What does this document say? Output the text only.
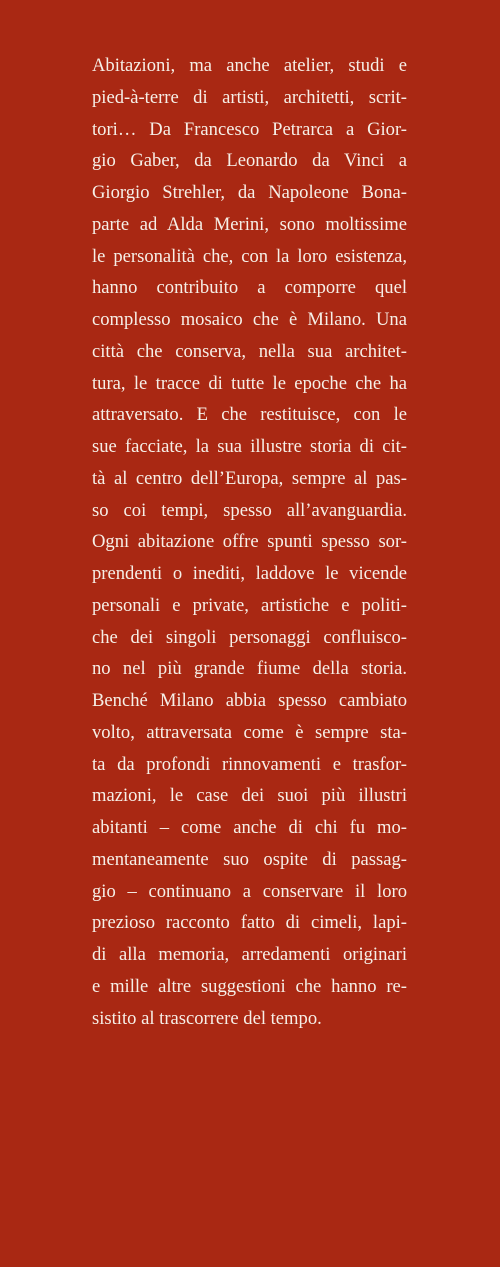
Abitazioni, ma anche atelier, studi e
pied-à-terre di artisti, architetti, scrit-
tori… Da Francesco Petrarca a Gior-
gio Gaber, da Leonardo da Vinci a
Giorgio Strehler, da Napoleone Bona-
parte ad Alda Merini, sono moltissime
le personalità che, con la loro esistenza,
hanno contribuito a comporre quel
complesso mosaico che è Milano. Una
città che conserva, nella sua architet-
tura, le tracce di tutte le epoche che ha
attraversato. E che restituisce, con le
sue facciate, la sua illustre storia di cit-
tà al centro dell’Europa, sempre al pas-
so coi tempi, spesso all’avanguardia.
Ogni abitazione offre spunti spesso sor-
prendenti o inediti, laddove le vicende
personali e private, artistiche e politi-
che dei singoli personaggi confluisco-
no nel più grande fiume della storia.
Benché Milano abbia spesso cambiato
volto, attraversata come è sempre sta-
ta da profondi rinnovamenti e trasfor-
mazioni, le case dei suoi più illustri
abitanti – come anche di chi fu mo-
mentaneamente suo ospite di passag-
gio – continuano a conservare il loro
prezioso racconto fatto di cimeli, lapi-
di alla memoria, arredamenti originari
e mille altre suggestioni che hanno re-
sistito al trascorrere del tempo.
